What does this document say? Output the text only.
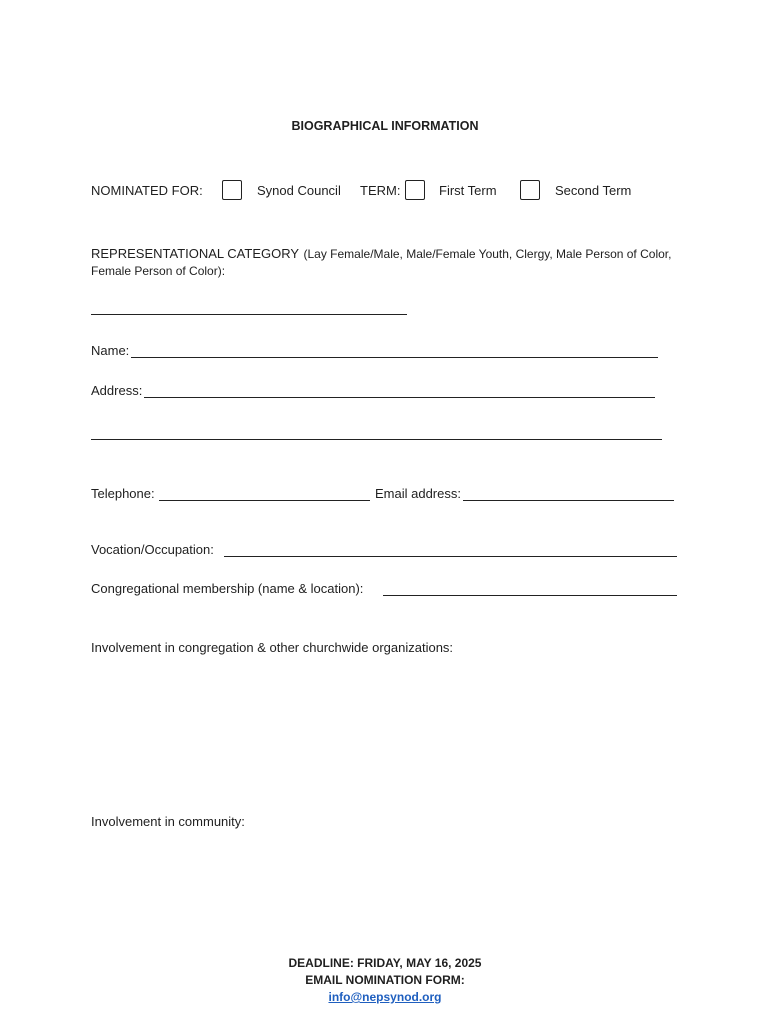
BIOGRAPHICAL INFORMATION
NOMINATED FOR:	Synod Council TERM:	First Term	Second Term
REPRESENTATIONAL CATEGORY (Lay Female/Male, Male/Female Youth, Clergy, Male Person of Color,
Female Person of Color):
Name:
Address:
Telephone:	Email address:
Vocation/Occupation:
Congregational membership (name & location):
Involvement in congregation & other churchwide organizations:
Involvement in community:
DEADLINE: FRIDAY, MAY 16, 2025
EMAIL NOMINATION FORM:
info@nepsynod.org
